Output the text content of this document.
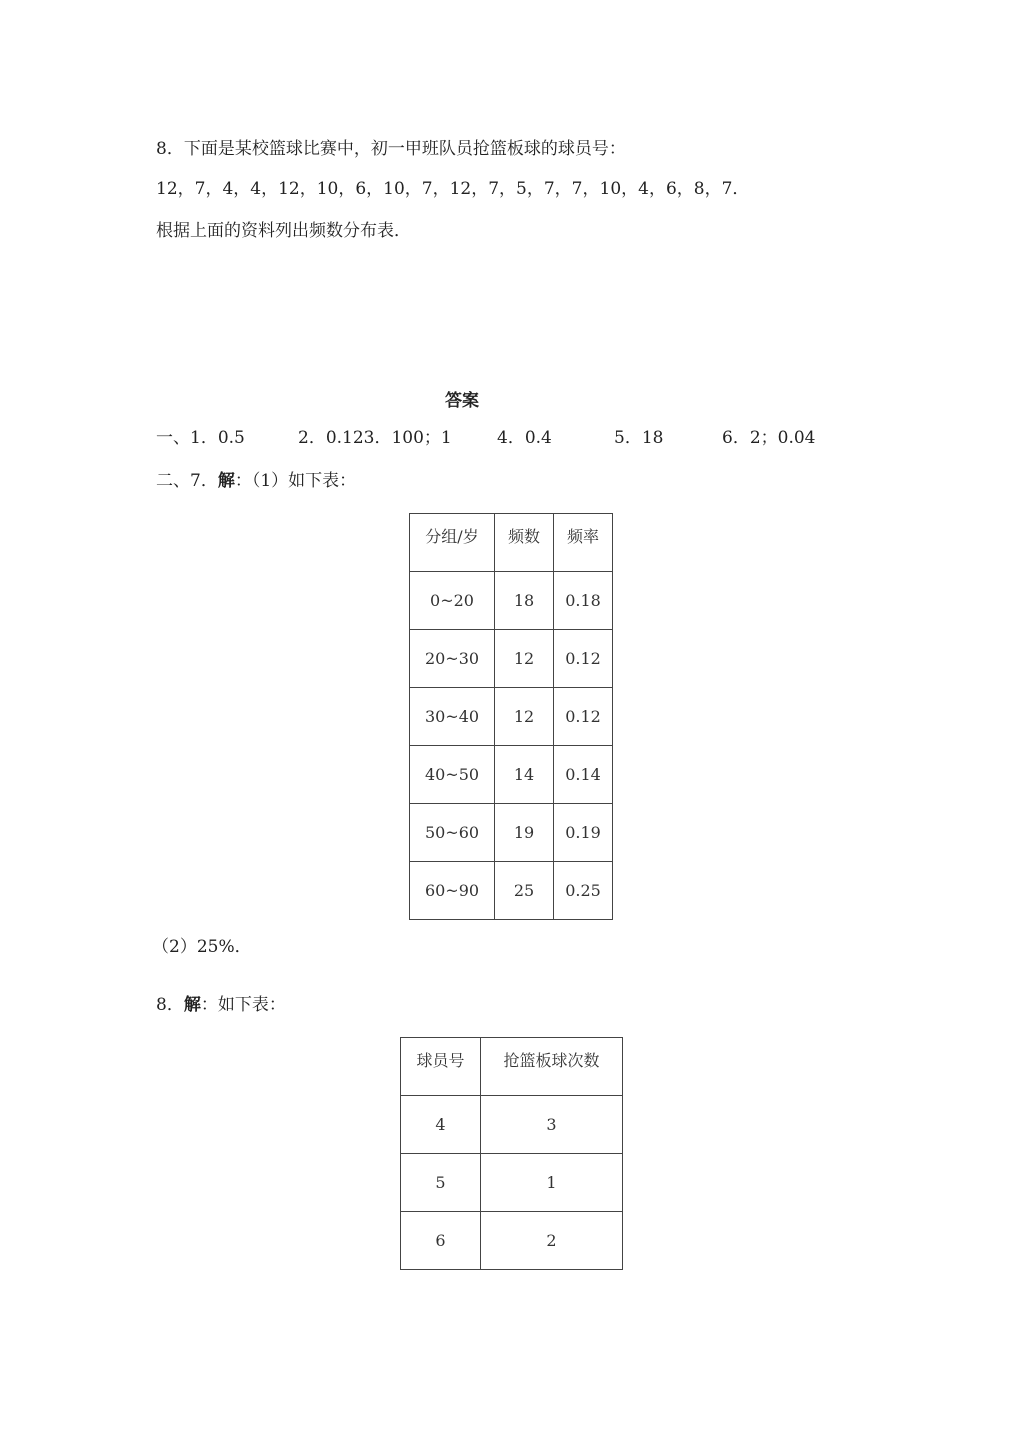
8．下面是某校篮球比赛中，初一甲班队员抢篮板球的球员号：
12，7，4，4，12，10，6，10，7，12，7，5，7，7，10，4，6，8，7．
根据上面的资料列出频数分布表．
答案
一、1．0.5	2．0.123．100；1	4．0.4	5．18	6．2；0.04
二、7．解：（1）如下表：
分组/岁	频数	频率
0~20	18	0.18
20~30	12	0.12
30~40	12	0.12
40~50	14	0.14
50~60	19	0.19
60~90	25	0.25
（2）25%．
8．解：如下表：
球员号	抢篮板球次数
4	3
5	1
6	2
